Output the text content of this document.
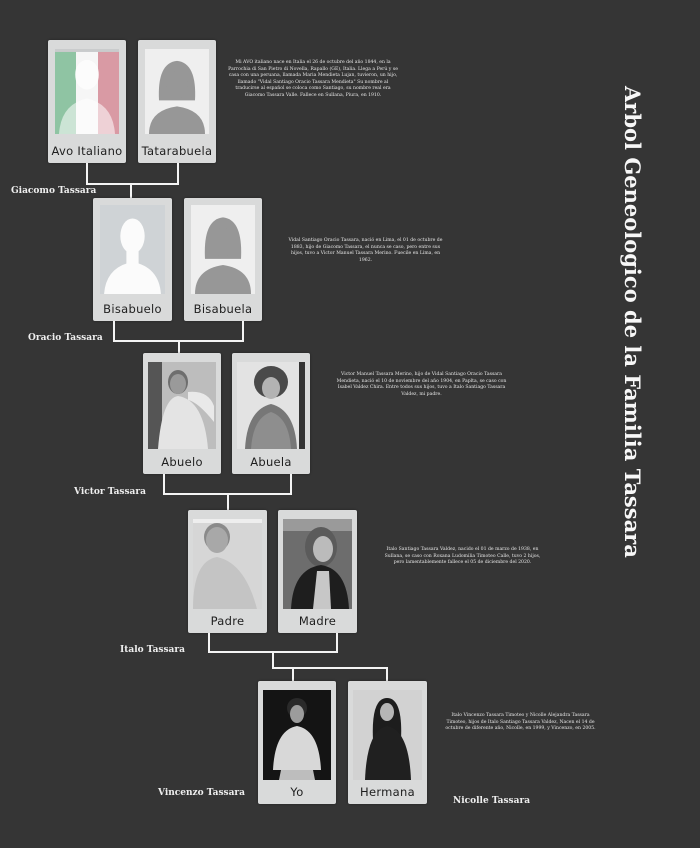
Arbol Geneologico de la Familia Tassara
Avo Italiano	Tatarabuela
Mi AVO italiano nace en Italia el 26 de octubre del año 1844, en la Parrochia di San Pietro di Novella, Rapallo (GE), Italia. Llega a Perú y se casa con una peruana, llamada Maria Mendieta Lujan, tuvieron, un hijo, llamado "Vidal Santiago Oracio Tassara Mendieta" Su nombre al traducirse al español se coloca como Santiago, su nombre real era Giacomo Tassara Valle. Fallece en Sullana, Piura, en 1910.
Giacomo Tassara
Bisabuelo	Bisabuela
Vidal Santiago Oracio Tassara, nació en Lima, el 01 de octubre de 1883, hijo de Giacomo Tassara, el nunca se caso, pero entre sus hijos, tuvo a Victor Manuel Tassara Merino. Fuecile en Lima, en 1962.
Oracio Tassara
Abuelo	Abuela
Victor Manuel Tassara Merino, hijo de Vidal Santiago Oracio Tassara Mendieta, nació el 10 de noviembre del año 1904, en Paplta, se caso con Isabel Valdez Chira. Entre todos sus hijos, tuvo a Italo Santiago Tassara Valdez, mi padre.
Victor Tassara
Padre	Madre
Italo Santiago Tassara Valdez, nacido el 01 de marzo de 1938, en Sullana, se caso con Roxana Ludomilia Timoteo Calle, tuvo 2 hijos, pero lamentablemente fallece el 05 de diciembre del 2020.
Italo Tassara
Yo	Hermana
Italo Vincenzo Tassara Timoteo y Nicolle Alejandra Tassara Timoteo, hijos de Italo Santiago Tassara Valdez, Nacen el 14 de octubre de diferente año, Nicolle, en 1999, y Vincenzo, en 2005.
Vincenzo Tassara
Nicolle Tassara
